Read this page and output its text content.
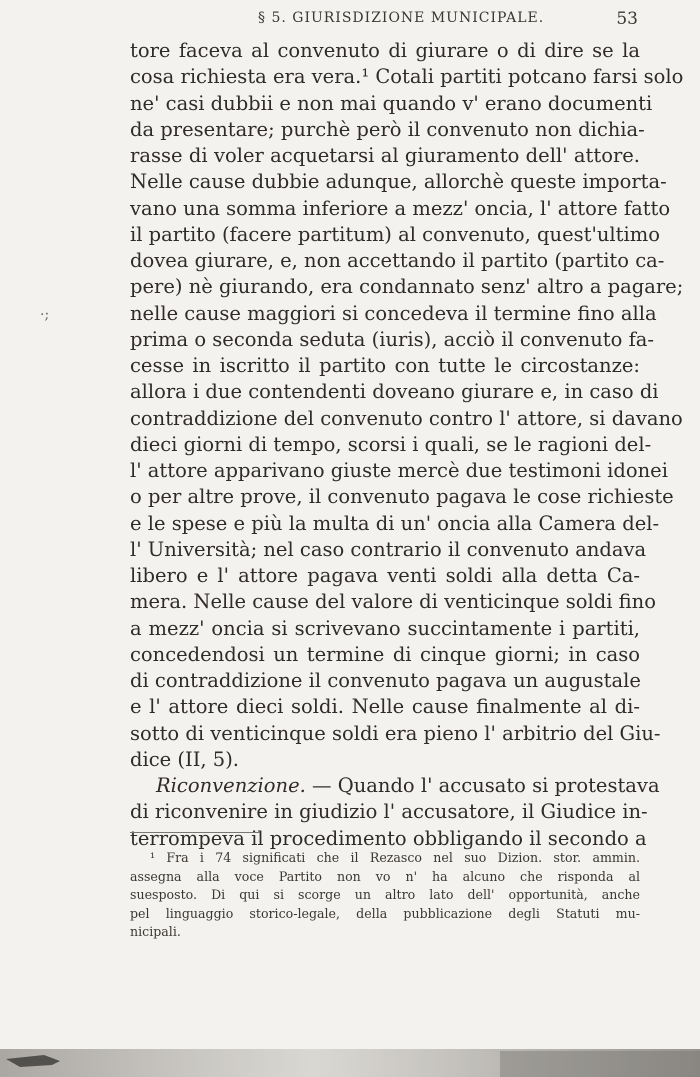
§ 5. GIURISDIZIONE MUNICIPALE.	53
·;
tore faceva al convenuto di giurare o di dire se la
cosa richiesta era vera.¹ Cotali partiti potcano farsi solo
ne' casi dubbii e non mai quando v' erano documenti
da presentare; purchè però il convenuto non dichia-
rasse di voler acquetarsi al giuramento dell' attore.
Nelle cause dubbie adunque, allorchè queste importa-
vano una somma inferiore a mezz' oncia, l' attore fatto
il partito (facere partitum) al convenuto, quest'ultimo
dovea giurare, e, non accettando il partito (partito ca-
pere) nè giurando, era condannato senz' altro a pagare;
nelle cause maggiori si concedeva il termine fino alla
prima o seconda seduta (iuris), acciò il convenuto fa-
cesse in iscritto il partito con tutte le circostanze:
allora i due contendenti doveano giurare e, in caso di
contraddizione del convenuto contro l' attore, si davano
dieci giorni di tempo, scorsi i quali, se le ragioni del-
l' attore apparivano giuste mercè due testimoni idonei
o per altre prove, il convenuto pagava le cose richieste
e le spese e più la multa di un' oncia alla Camera del-
l' Università; nel caso contrario il convenuto andava
libero e l' attore pagava venti soldi alla detta Ca-
mera. Nelle cause del valore di venticinque soldi fino
a mezz' oncia si scrivevano succintamente i partiti,
concedendosi un termine di cinque giorni; in caso
di contraddizione il convenuto pagava un augustale
e l' attore dieci soldi. Nelle cause finalmente al di-
sotto di venticinque soldi era pieno l' arbitrio del Giu-
dice (II, 5).
Riconvenzione. — Quando l' accusato si protestava
di riconvenire in giudizio l' accusatore, il Giudice in-
terrompeva il procedimento obbligando il secondo a
¹ Fra i 74 significati che il Rezasco nel suo Dizion. stor. ammin.
assegna alla voce Partito non vo n' ha alcuno che risponda al
suesposto. Di qui si scorge un altro lato dell' opportunità, anche
pel linguaggio storico-legale, della pubblicazione degli Statuti mu-
nicipali.
